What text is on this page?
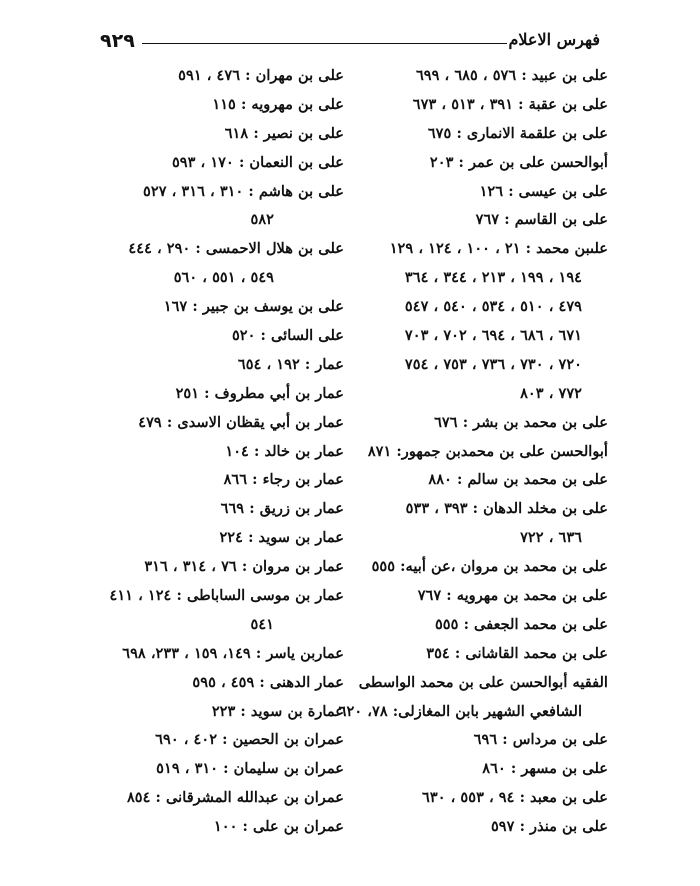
٩٢٩	فهرس الاعلام
على بن عبيد : ٥٧٦ ، ٦٨٥ ، ٦٩٩
على بن عقبة : ٣٩١ ، ٥١٣ ، ٦٧٣
على بن علقمة الانمارى : ٦٧٥
أبوالحسن على بن عمر : ٢٠٣
على بن عيسى : ١٢٦
على بن القاسم : ٧٦٧
علىبن محمد : ٢١ ، ١٠٠ ، ١٢٤ ، ١٢٩
١٩٤ ، ١٩٩ ، ٢١٣ ، ٣٤٤ ، ٣٦٤
٤٧٩ ، ٥١٠ ، ٥٣٤ ، ٥٤٠ ، ٥٤٧
٦٧١ ، ٦٨٦ ، ٦٩٤ ، ٧٠٢ ، ٧٠٣
٧٢٠ ، ٧٣٠ ، ٧٣٦ ، ٧٥٣ ، ٧٥٤
٧٧٢ ، ٨٠٣
على بن محمد بن بشر : ٦٧٦
أبوالحسن على بن محمدبن جمهور: ٨٧١
على بن محمد بن سالم : ٨٨٠
على بن مخلد الدهان : ٣٩٣ ، ٥٣٣
٦٣٦ ، ٧٢٢
على بن محمد بن مروان ،عن أبيه: ٥٥٥
على بن محمد بن مهرويه : ٧٦٧
على بن محمد الجعفى : ٥٥٥
على بن محمد القاشانى : ٣٥٤
الفقيه أبوالحسن على بن محمد الواسطى
الشافعي الشهير بابن المغازلى: ٧٨، ٦٢٠
على بن مرداس : ٦٩٦
على بن مسهر : ٨٦٠
على بن معبد : ٩٤ ، ٥٥٣ ، ٦٣٠
على بن منذر : ٥٩٧
على بن مهران : ٤٧٦ ، ٥٩١
على بن مهرويه : ١١٥
على بن نصير : ٦١٨
على بن النعمان : ١٧٠ ، ٥٩٣
على بن هاشم : ٣١٠ ، ٣١٦ ، ٥٢٧
٥٨٢
على بن هلال الاحمسى : ٢٩٠ ، ٤٤٤
٥٤٩ ، ٥٥١ ، ٥٦٠
على بن يوسف بن جبير : ١٦٧
على السائى : ٥٢٠
عمار : ١٩٢ ، ٦٥٤
عمار بن أبي مطروف : ٢٥١
عمار بن أبي يقظان الاسدى : ٤٧٩
عمار بن خالد : ١٠٤
عمار بن رجاء : ٨٦٦
عمار بن زريق : ٦٦٩
عمار بن سويد : ٢٢٤
عمار بن مروان : ٧٦ ، ٣١٤ ، ٣١٦
عمار بن موسى الساباطى : ١٢٤ ، ٤١١
٥٤١
عماربن ياسر : ١٤٩، ١٥٩ ، ٢٣٣، ٦٩٨
عمار الدهنى : ٤٥٩ ، ٥٩٥
عمارة بن سويد : ٢٢٣
عمران بن الحصين : ٤٠٢ ، ٦٩٠
عمران بن سليمان : ٣١٠ ، ٥١٩
عمران بن عبدالله المشرقانى : ٨٥٤
عمران بن على : ١٠٠
